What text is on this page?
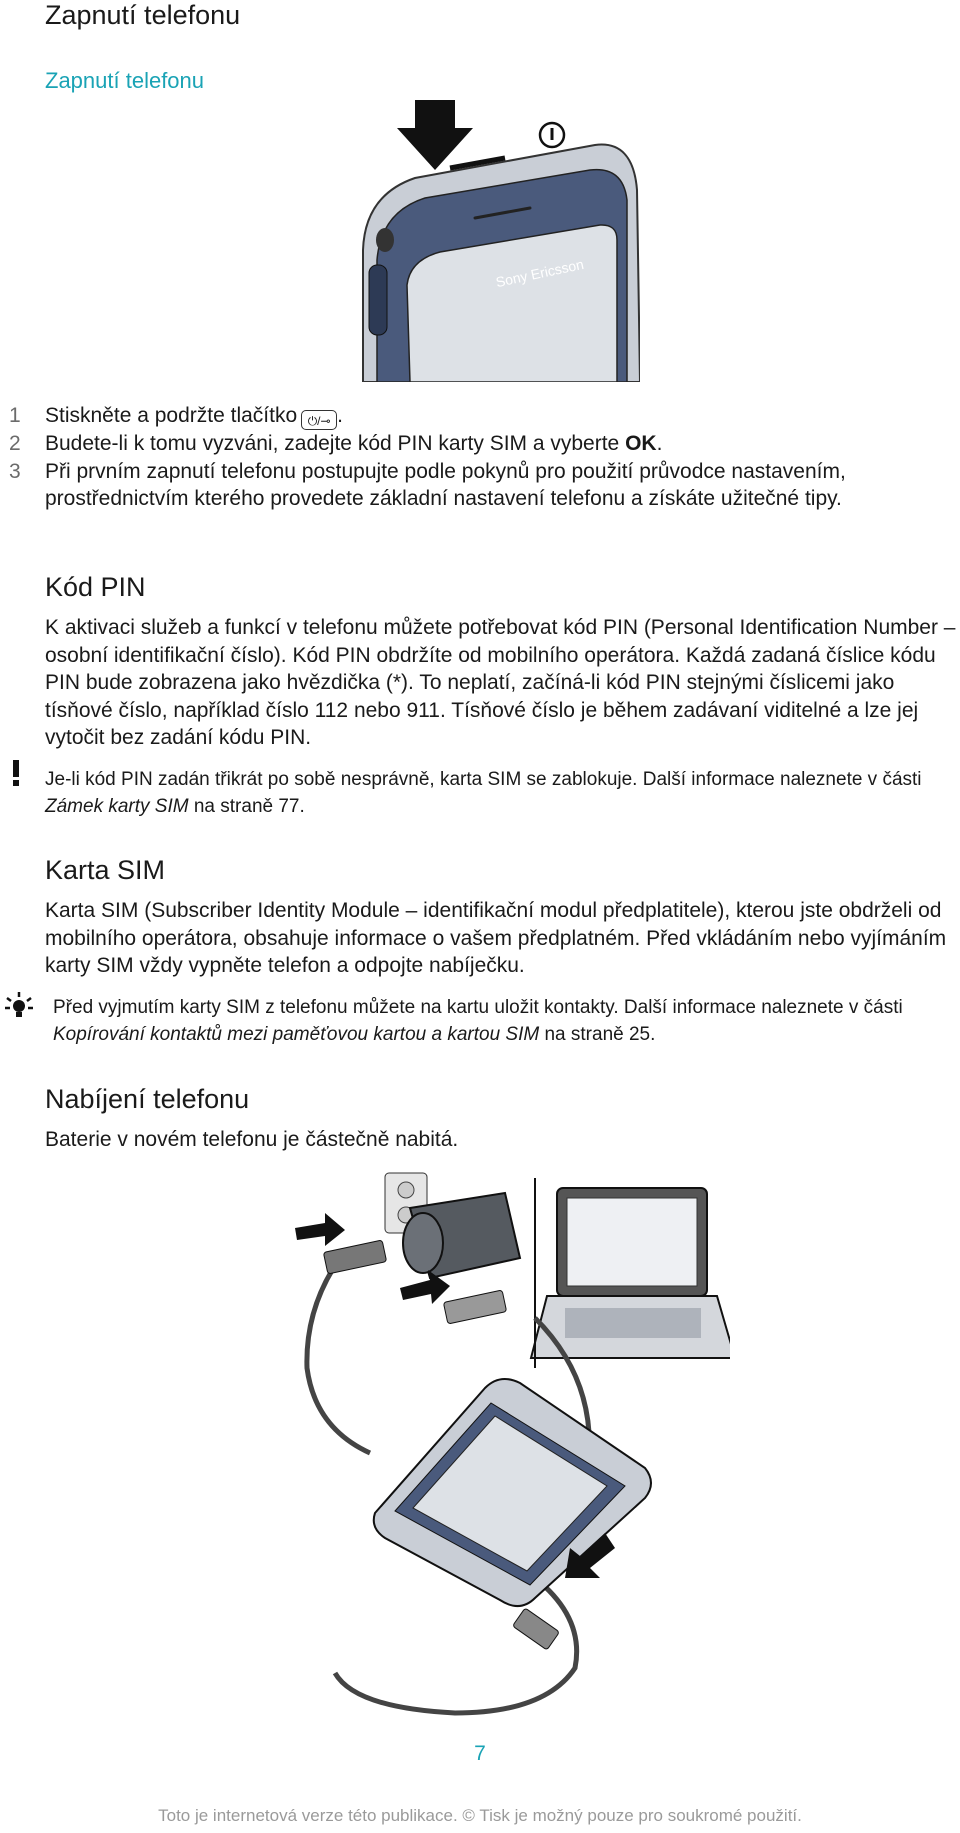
Zapnutí telefonu
Zapnutí telefonu
Sony Ericsson
1 Stiskněte a podržte tlačítko ⏻/⊸ .
2 Budete-li k tomu vyzváni, zadejte kód PIN karty SIM a vyberte OK.
3 Při prvním zapnutí telefonu postupujte podle pokynů pro použití průvodce nastavením, prostřednictvím kterého provedete základní nastavení telefonu a získáte užitečné tipy.
Kód PIN
K aktivaci služeb a funkcí v telefonu můžete potřebovat kód PIN (Personal Identification Number – osobní identifikační číslo). Kód PIN obdržíte od mobilního operátora. Každá zadaná číslice kódu PIN bude zobrazena jako hvězdička (*). To neplatí, začíná-li kód PIN stejnými číslicemi jako tísňové číslo, například číslo 112 nebo 911. Tísňové číslo je během zadávaní viditelné a lze jej vytočit bez zadání kódu PIN.
Je-li kód PIN zadán třikrát po sobě nesprávně, karta SIM se zablokuje. Další informace naleznete v části Zámek karty SIM na straně 77.
Karta SIM
Karta SIM (Subscriber Identity Module – identifikační modul předplatitele), kterou jste obdrželi od mobilního operátora, obsahuje informace o vašem předplatném. Před vkládáním nebo vyjímáním karty SIM vždy vypněte telefon a odpojte nabíječku.
Před vyjmutím karty SIM z telefonu můžete na kartu uložit kontakty. Další informace naleznete v části Kopírování kontaktů mezi paměťovou kartou a kartou SIM na straně 25.
Nabíjení telefonu
Baterie v novém telefonu je částečně nabitá.
7
Toto je internetová verze této publikace. © Tisk je možný pouze pro soukromé použití.
